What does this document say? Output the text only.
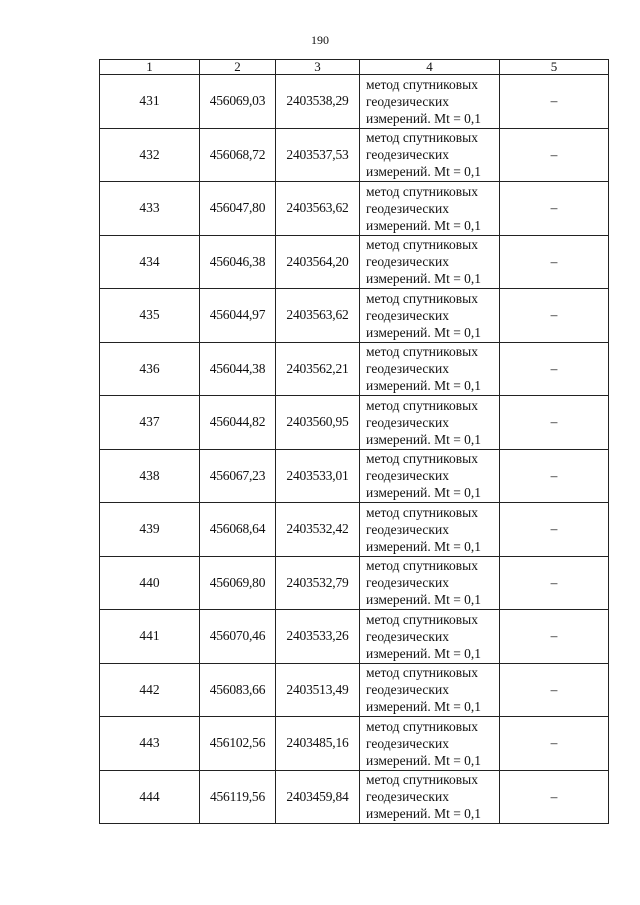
190
1	2	3	4	5
431	456069,03	2403538,29	метод спутниковых
геодезических
измерений. Mt = 0,1	–
432	456068,72	2403537,53	метод спутниковых
геодезических
измерений. Mt = 0,1	–
433	456047,80	2403563,62	метод спутниковых
геодезических
измерений. Mt = 0,1	–
434	456046,38	2403564,20	метод спутниковых
геодезических
измерений. Mt = 0,1	–
435	456044,97	2403563,62	метод спутниковых
геодезических
измерений. Mt = 0,1	–
436	456044,38	2403562,21	метод спутниковых
геодезических
измерений. Mt = 0,1	–
437	456044,82	2403560,95	метод спутниковых
геодезических
измерений. Mt = 0,1	–
438	456067,23	2403533,01	метод спутниковых
геодезических
измерений. Mt = 0,1	–
439	456068,64	2403532,42	метод спутниковых
геодезических
измерений. Mt = 0,1	–
440	456069,80	2403532,79	метод спутниковых
геодезических
измерений. Mt = 0,1	–
441	456070,46	2403533,26	метод спутниковых
геодезических
измерений. Mt = 0,1	–
442	456083,66	2403513,49	метод спутниковых
геодезических
измерений. Mt = 0,1	–
443	456102,56	2403485,16	метод спутниковых
геодезических
измерений. Mt = 0,1	–
444	456119,56	2403459,84	метод спутниковых
геодезических
измерений. Mt = 0,1	–
